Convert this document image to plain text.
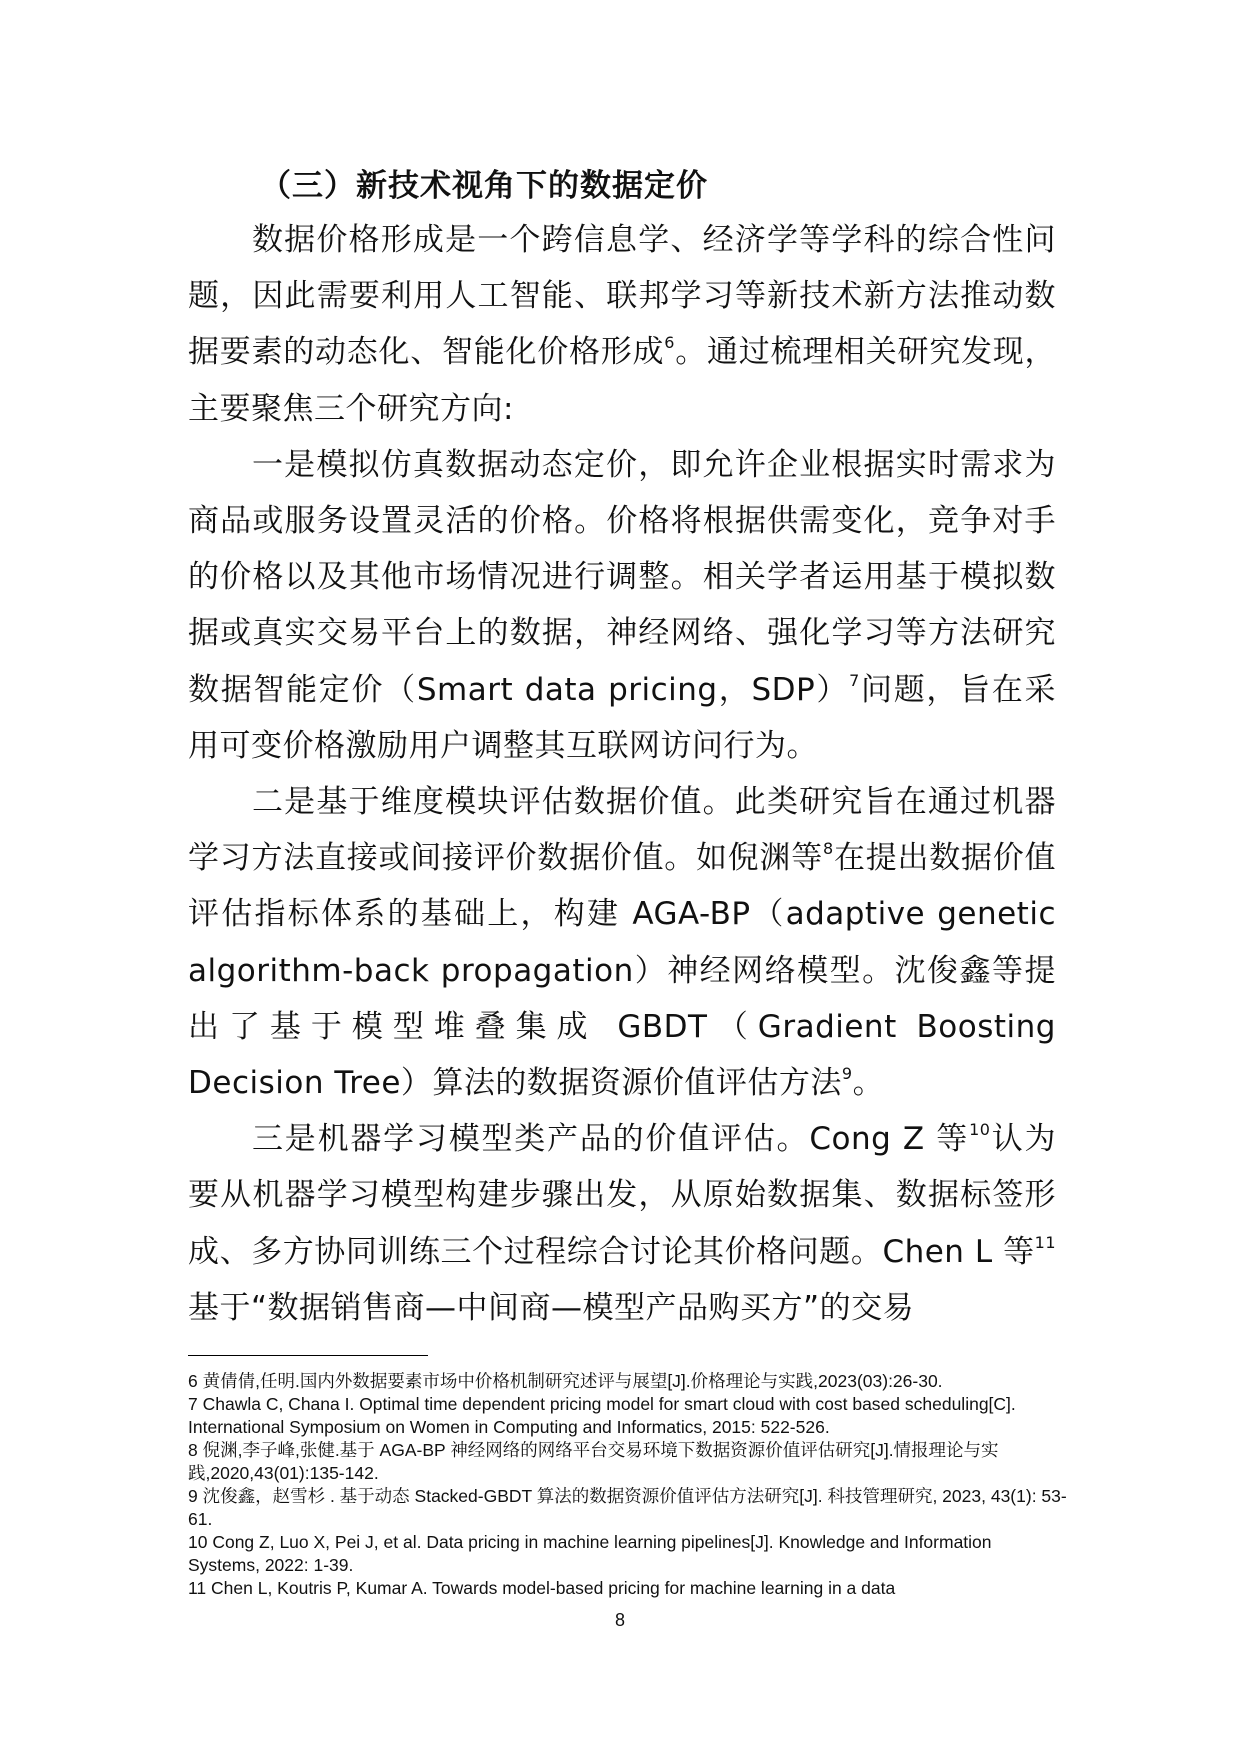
（三）新技术视角下的数据定价

数据价格形成是一个跨信息学、经济学等学科的综合性问题，因此需要利用人工智能、联邦学习等新技术新方法推动数据要素的动态化、智能化价格形成$^6$。通过梳理相关研究发现，主要聚焦三个研究方向:

一是模拟仿真数据动态定价，即允许企业根据实时需求为商品或服务设置灵活的价格。价格将根据供需变化，竞争对手的价格以及其他市场情况进行调整。相关学者运用基于模拟数据或真实交易平台上的数据，神经网络、强化学习等方法研究数据智能定价（Smart data pricing，SDP）$^7$问题，旨在采用可变价格激励用户调整其互联网访问行为。

二是基于维度模块评估数据价值。此类研究旨在通过机器学习方法直接或间接评价数据价值。如倪渊等$^8$在提出数据价值评估指标体系的基础上，构建 AGA-BP（adaptive genetic algorithm-back propagation）神经网络模型。沈俊鑫等提出了基于模型堆叠集成 GBDT（Gradient Boosting Decision Tree）算法的数据资源价值评估方法$^9$。

三是机器学习模型类产品的价值评估。Cong Z 等$^{10}$认为要从机器学习模型构建步骤出发，从原始数据集、数据标签形成、多方协同训练三个过程综合讨论其价格问题。Chen L 等$^{11}$基于“数据销售商—中间商—模型产品购买方”的交易

6 黄倩倩,任明.国内外数据要素市场中价格机制研究述评与展望[J].价格理论与实践,2023(03):26-30.

7 Chawla C, Chana I. Optimal time dependent pricing model for smart cloud with cost based scheduling[C]. International Symposium on Women in Computing and Informatics, 2015: 522-526.

8 倪渊,李子峰,张健.基于 AGA-BP 神经网络的网络平台交易环境下数据资源价值评估研究[J].情报理论与实践,2020,43(01):135-142.

9 沈俊鑫，赵雪杉 . 基于动态 Stacked-GBDT 算法的数据资源价值评估方法研究[J]. 科技管理研究, 2023, 43(1): 53-61.

10 Cong Z, Luo X, Pei J, et al. Data pricing in machine learning pipelines[J]. Knowledge and Information Systems, 2022: 1-39.

11 Chen L, Koutris P, Kumar A. Towards model-based pricing for machine learning in a data

8
